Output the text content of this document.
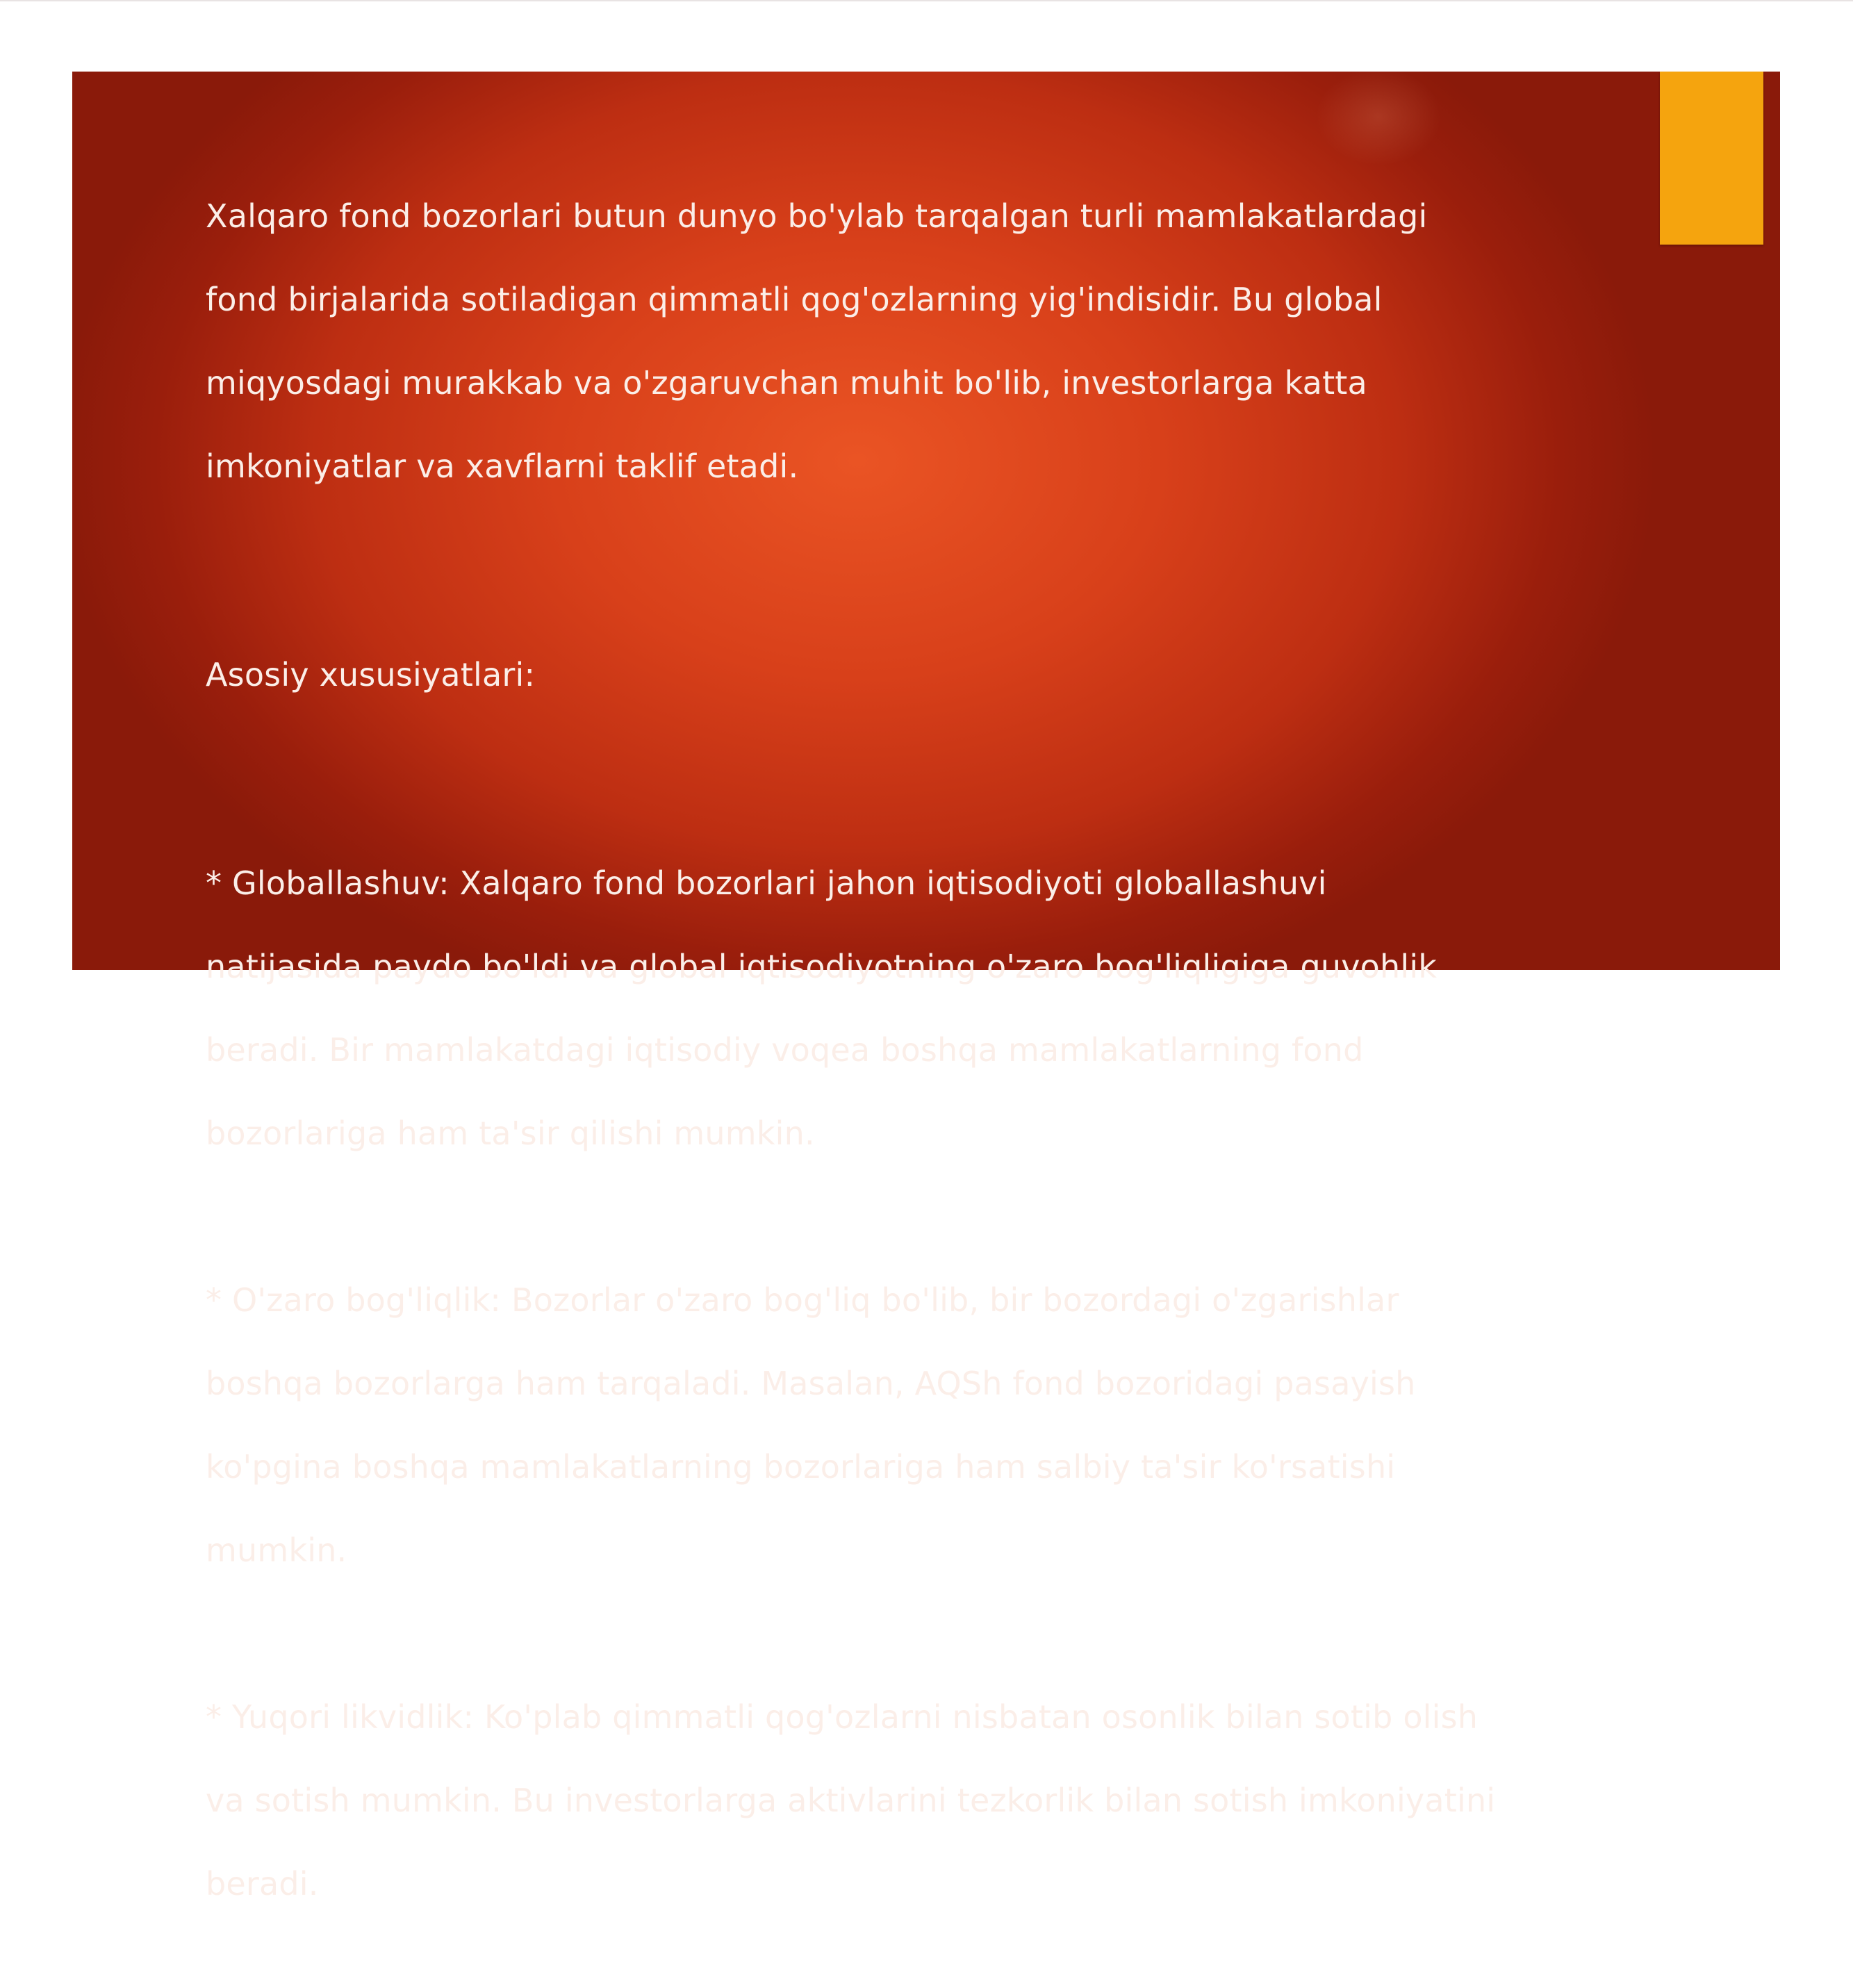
Xalqaro fond bozorlari butun dunyo bo'ylab tarqalgan turli mamlakatlardagi

fond birjalarida sotiladigan qimmatli qog'ozlarning yig'indisidir. Bu global

miqyosdagi murakkab va o'zgaruvchan muhit bo'lib, investorlarga katta

imkoniyatlar va xavflarni taklif etadi.

Asosiy xususiyatlari:

* Globallashuv: Xalqaro fond bozorlari jahon iqtisodiyoti globallashuvi

natijasida paydo bo'ldi va global iqtisodiyotning o'zaro bog'liqligiga guvohlik

beradi. Bir mamlakatdagi iqtisodiy voqea boshqa mamlakatlarning fond

bozorlariga ham ta'sir qilishi mumkin.

* O'zaro bog'liqlik: Bozorlar o'zaro bog'liq bo'lib, bir bozordagi o'zgarishlar

boshqa bozorlarga ham tarqaladi. Masalan, AQSh fond bozoridagi pasayish

ko'pgina boshqa mamlakatlarning bozorlariga ham salbiy ta'sir ko'rsatishi

mumkin.

* Yuqori likvidlik: Ko'plab qimmatli qog'ozlarni nisbatan osonlik bilan sotib olish

va sotish mumkin. Bu investorlarga aktivlarini tezkorlik bilan sotish imkoniyatini

beradi.
